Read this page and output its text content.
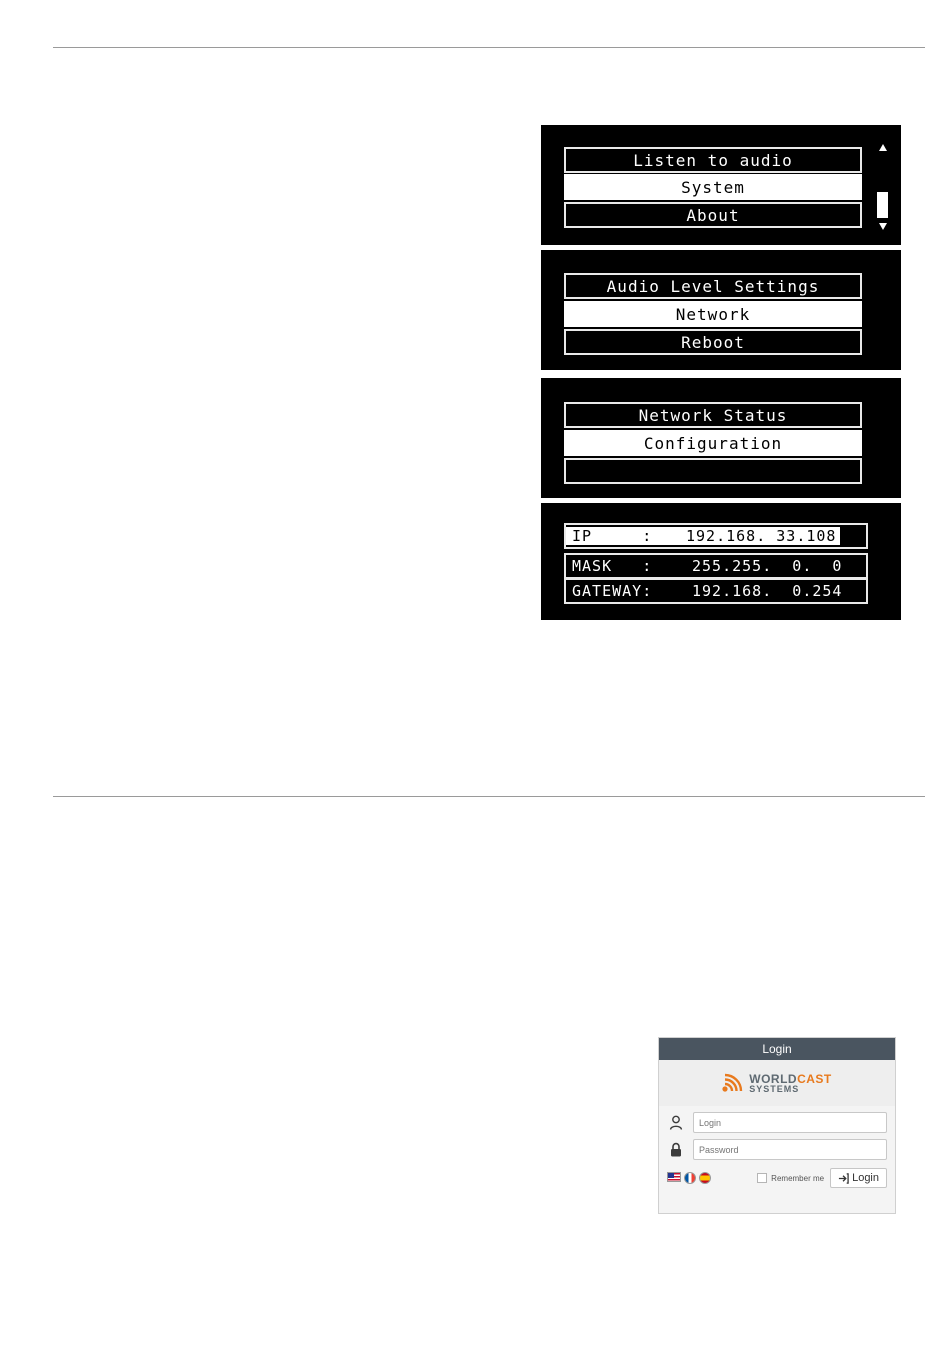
Listen to audio
System
About
Audio Level Settings
Network
Reboot
Network Status
Configuration
IP     :	192.168. 33.108
MASK   :	255.255.  0.  0
GATEWAY:	192.168.  0.254
Login
WORLDCAST
SYSTEMS
Login
Remember me	Login
